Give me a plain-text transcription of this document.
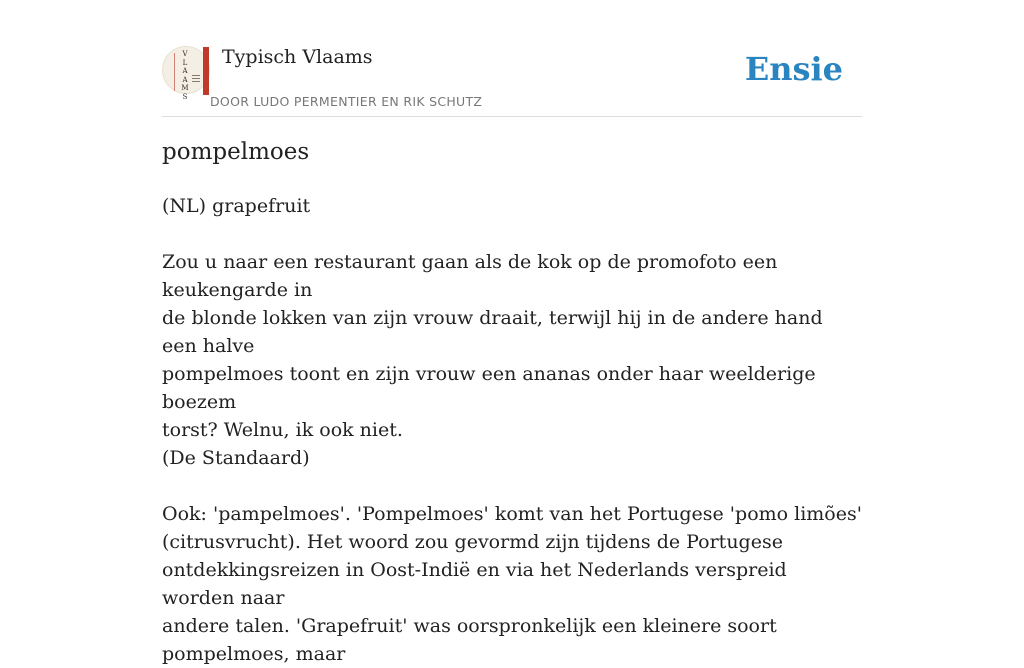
V
L
A
A
M
S
Typisch Vlaams
DOOR LUDO PERMENTIER EN RIK SCHUTZ
Ensie
pompelmoes

(NL) grapefruit

Zou u naar een restaurant gaan als de kok op de promofoto een keukengarde in

de blonde lokken van zijn vrouw draait, terwijl hij in de andere hand een halve

pompelmoes toont en zijn vrouw een ananas onder haar weelderige boezem

torst? Welnu, ik ook niet.

(De Standaard)

Ook: 'pampelmoes'. 'Pompelmoes' komt van het Portugese 'pomo limões'

(citrusvrucht). Het woord zou gevormd zijn tijdens de Portugese

ontdekkingsreizen in Oost-Indië en via het Nederlands verspreid worden naar

andere talen. 'Grapefruit' was oorspronkelijk een kleinere soort pompelmoes, maar
